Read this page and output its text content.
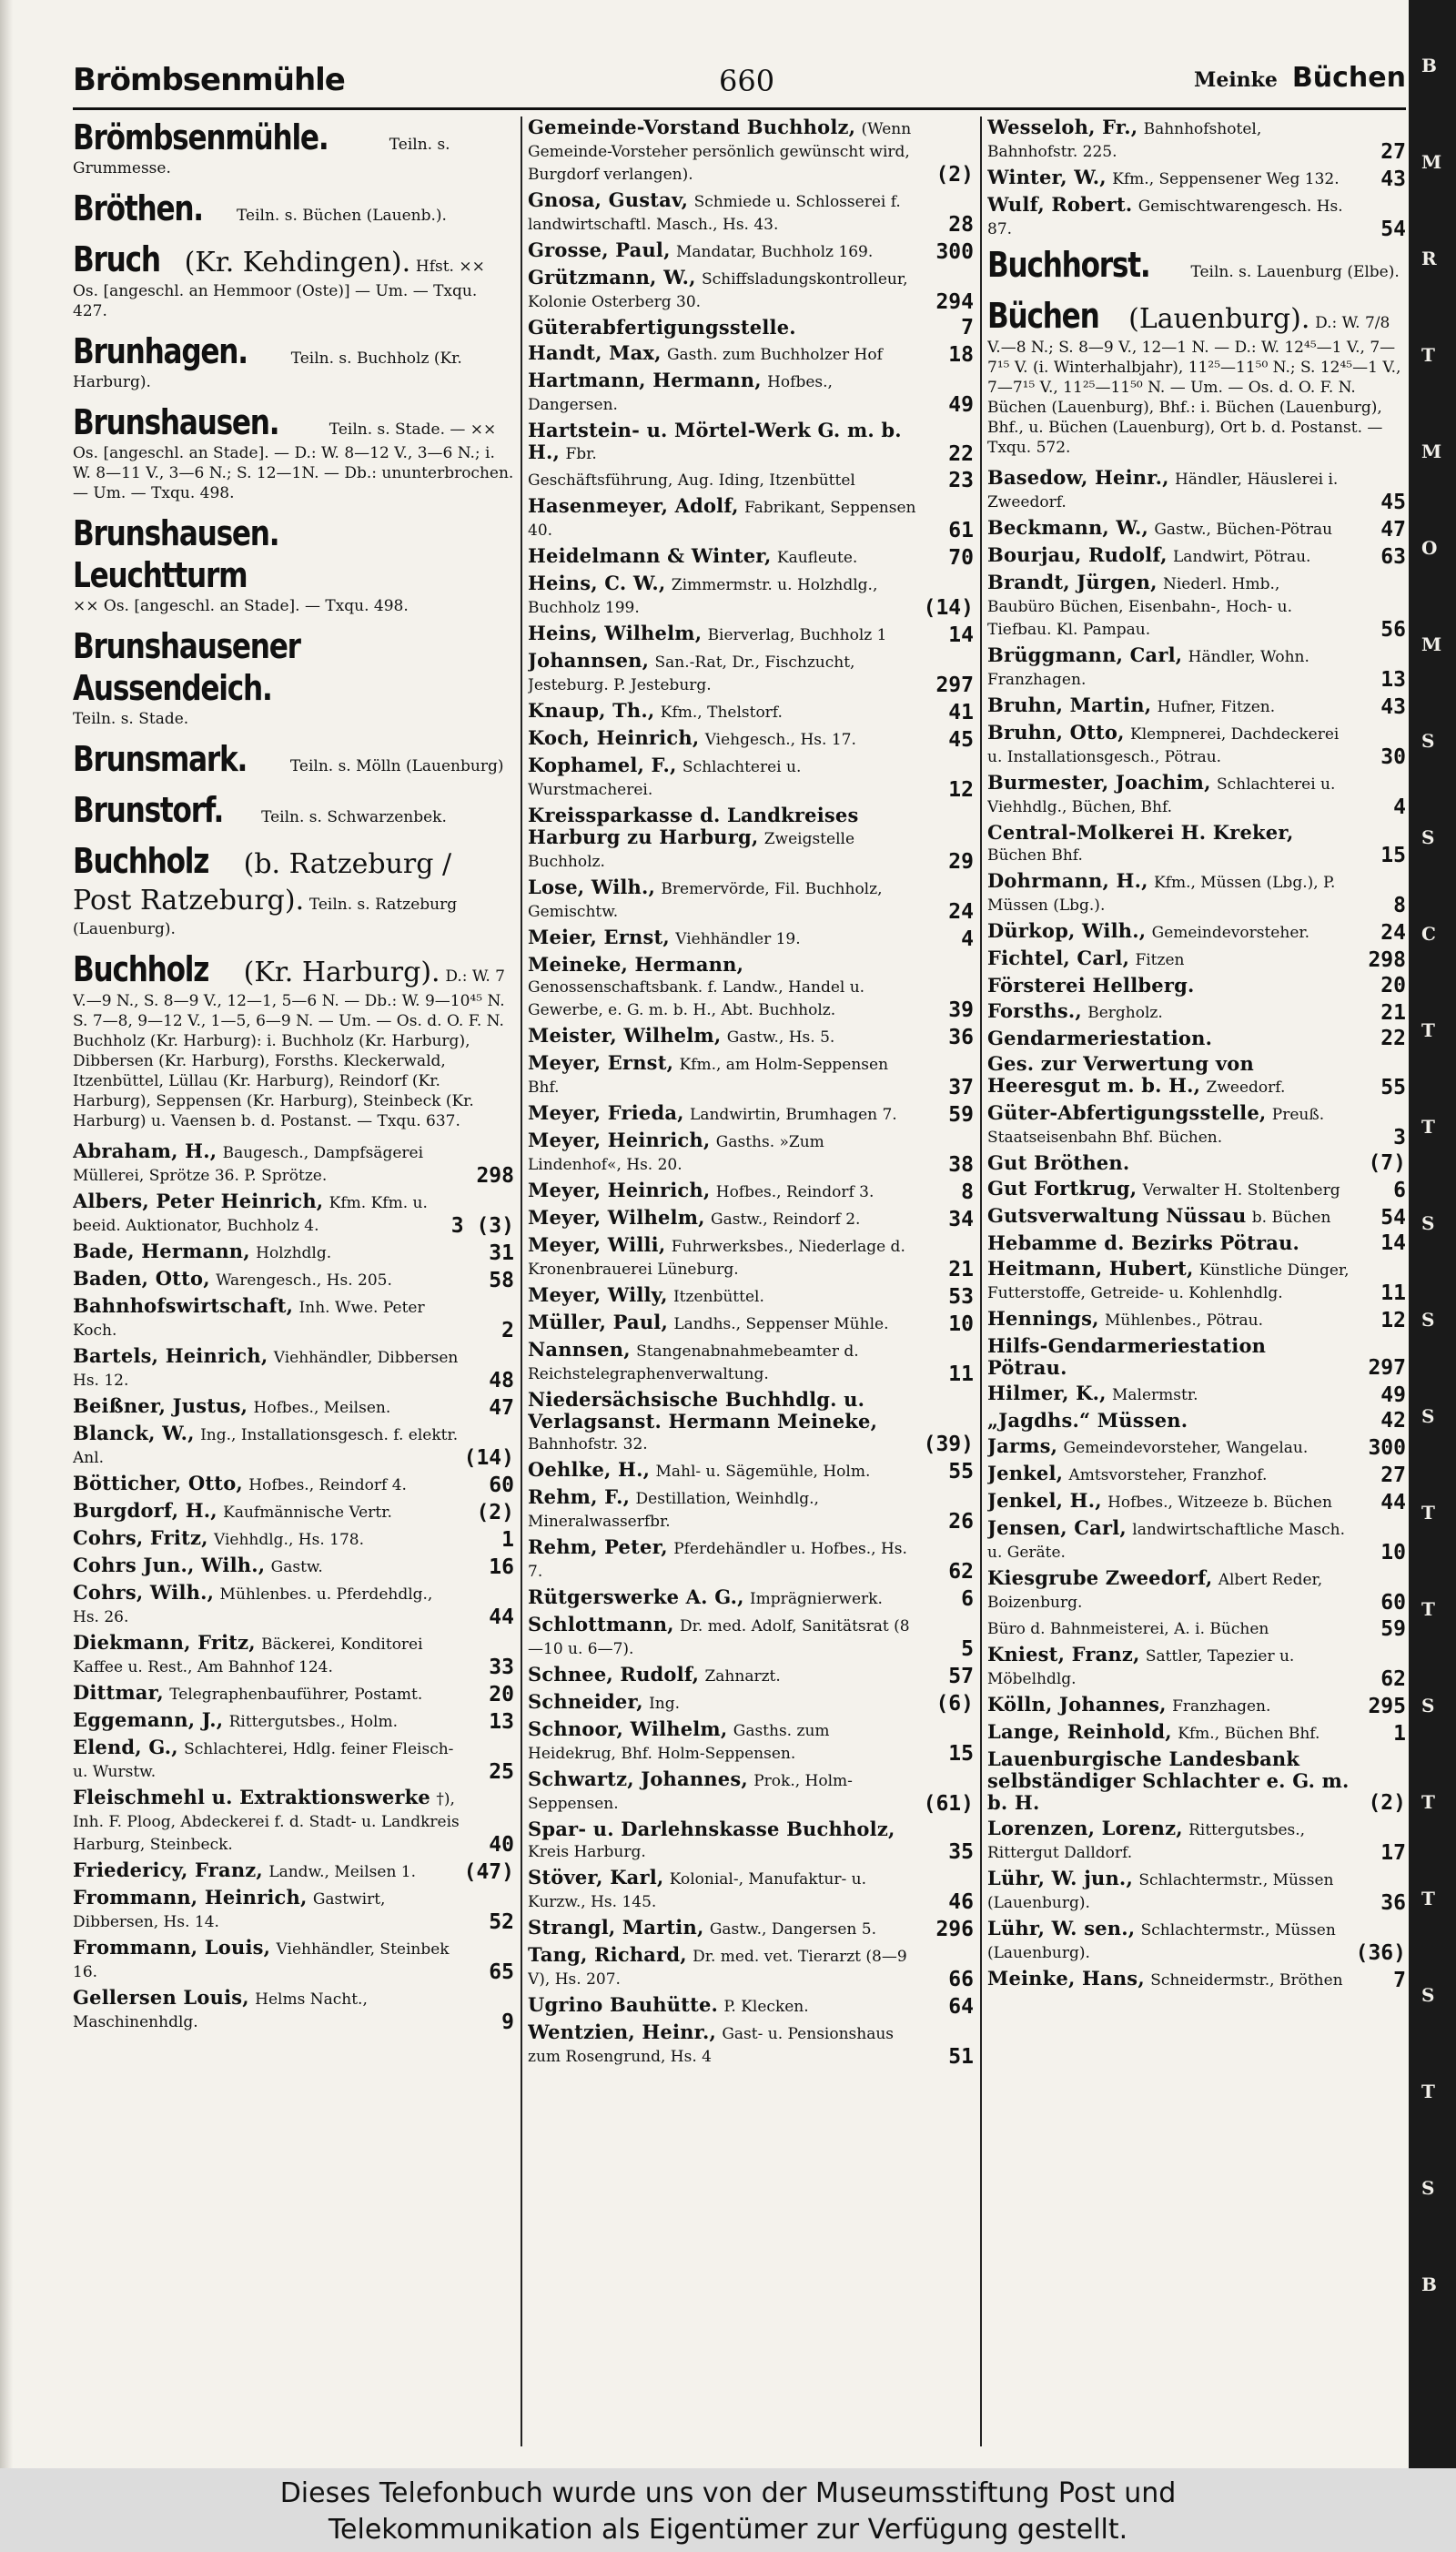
Brömbsenmühle	660	Meinke Büchen
Brömbsenmühle.	Teiln. s. Grummesse.
Bröthen. Teiln. s. Büchen (Lauenb.).
Bruch (Kr. Kehdingen). Hfst. ×× Os. [angeschl. an Hemmoor (Oste)] — Um. — Txqu. 427.
Brunhagen.	Teiln. s. Buchholz (Kr. Harburg).
Brunshausen.	Teiln. s. Stade. — ×× Os. [angeschl. an Stade]. — D.: W. 8—12 V., 3—6 N.; i. W. 8—11 V., 3—6 N.; S. 12—1N. — Db.: ununterbrochen. — Um. — Txqu. 498.
Brunshausen. Leuchtturm ×× Os. [angeschl. an Stade]. — Txqu. 498.
Brunshausener Aussendeich. Teiln. s. Stade.
Brunsmark.	Teiln. s. Mölln (Lauenburg)
Brunstorf. Teiln. s. Schwarzenbek.
Buchholz (b. Ratzeburg / Post Ratzeburg). Teiln. s. Ratzeburg (Lauenburg).
Buchholz (Kr. Harburg). D.: W. 7 V.—9 N., S. 8—9 V., 12—1, 5—6 N. — Db.: W. 9—10⁴⁵ N. S. 7—8, 9—12 V., 1—5, 6—9 N. — Um. — Os. d. O. F. N. Buchholz (Kr. Harburg): i. Buchholz (Kr. Harburg), Dibbersen (Kr. Harburg), Forsths. Kleckerwald, Itzenbüttel, Lüllau (Kr. Harburg), Reindorf (Kr. Harburg), Seppensen (Kr. Harburg), Steinbeck (Kr. Harburg) u. Vaensen b. d. Postanst. — Txqu. 637.
Abraham, H., Baugesch., Dampfsägerei Müllerei, Sprötze 36. P. Sprötze.	298
Albers, Peter Heinrich, Kfm. Kfm. u. beeid. Auktionator, Buchholz 4.	3 (3)
Bade, Hermann, Holzhdlg.	31
Baden, Otto, Warengesch., Hs. 205.	58
Bahnhofswirtschaft, Inh. Wwe. Peter Koch.	2
Bartels, Heinrich, Viehhändler, Dibbersen Hs. 12.	48
Beißner, Justus, Hofbes., Meilsen.	47
Blanck, W., Ing., Installationsgesch. f. elektr. Anl.	(14)
Bötticher, Otto, Hofbes., Reindorf 4.	60
Burgdorf, H., Kaufmännische Vertr.	(2)
Cohrs, Fritz, Viehhdlg., Hs. 178.	1
Cohrs Jun., Wilh., Gastw.	16
Cohrs, Wilh., Mühlenbes. u. Pferdehdlg., Hs. 26.	44
Diekmann, Fritz, Bäckerei, Konditorei Kaffee u. Rest., Am Bahnhof 124.	33
Dittmar, Telegraphenbauführer, Postamt.	20
Eggemann, J., Rittergutsbes., Holm.	13
Elend, G., Schlachterei, Hdlg. feiner Fleisch- u. Wurstw.	25
Fleischmehl u. Extraktionswerke †), Inh. F. Ploog, Abdeckerei f. d. Stadt- u. Landkreis Harburg, Steinbeck.	40
Friedericy, Franz, Landw., Meilsen 1. (47)
Frommann, Heinrich, Gastwirt, Dibbersen, Hs. 14.	52
Frommann, Louis, Viehhändler, Steinbek 16.	65
Gellersen Louis, Helms Nacht., Maschinenhdlg.	9
Gemeinde-Vorstand Buchholz, (Wenn Gemeinde-Vorsteher persönlich gewünscht wird, Burgdorf verlangen).	(2)
Gnosa, Gustav, Schmiede u. Schlosserei f. landwirtschaftl. Masch., Hs. 43.	28
Grosse, Paul, Mandatar, Buchholz 169.	300
Grützmann, W., Schiffsladungskontrolleur, Kolonie Osterberg 30.	294
Güterabfertigungsstelle.	7
Handt, Max, Gasth. zum Buchholzer Hof	18
Hartmann, Hermann, Hofbes., Dangersen.	49
Hartstein- u. Mörtel-Werk G. m. b. H., Fbr.	22
Geschäftsführung, Aug. Iding, Itzenbüttel	23
Hasenmeyer, Adolf, Fabrikant, Seppensen 40.	61
Heidelmann & Winter, Kaufleute.	70
Heins, C. W., Zimmermstr. u. Holzhdlg., Buchholz 199.	(14)
Heins, Wilhelm, Bierverlag, Buchholz 1	14
Johannsen, San.-Rat, Dr., Fischzucht, Jesteburg. P. Jesteburg.	297
Knaup, Th., Kfm., Thelstorf.	41
Koch, Heinrich, Viehgesch., Hs. 17.	45
Kophamel, F., Schlachterei u. Wurstmacherei.	12
Kreissparkasse d. Landkreises Harburg zu Harburg, Zweigstelle Buchholz.	29
Lose, Wilh., Bremervörde, Fil. Buchholz, Gemischtw.	24
Meier, Ernst, Viehhändler 19.	4
Meineke, Hermann, Genossenschaftsbank. f. Landw., Handel u. Gewerbe, e. G. m. b. H., Abt. Buchholz.	39
Meister, Wilhelm, Gastw., Hs. 5.	36
Meyer, Ernst, Kfm., am Holm-Seppensen Bhf.	37
Meyer, Frieda, Landwirtin, Brumhagen 7. 59
Meyer, Heinrich, Gasths. »Zum Lindenhof«, Hs. 20.	38
Meyer, Heinrich, Hofbes., Reindorf 3.	8
Meyer, Wilhelm, Gastw., Reindorf 2.	34
Meyer, Willi, Fuhrwerksbes., Niederlage d. Kronenbrauerei Lüneburg.	21
Meyer, Willy, Itzenbüttel.	53
Müller, Paul, Landhs., Seppenser Mühle.	10
Nannsen, Stangenabnahmebeamter d. Reichstelegraphenverwaltung.	11
Niedersächsische Buchhdlg. u. Verlagsanst. Hermann Meineke, Bahnhofstr. 32.	(39)
Oehlke, H., Mahl- u. Sägemühle, Holm.	55
Rehm, F., Destillation, Weinhdlg., Mineralwasserfbr.	26
Rehm, Peter, Pferdehändler u. Hofbes., Hs. 7.	62
Rütgerswerke A. G., Imprägnierwerk.	6
Schlottmann, Dr. med. Adolf, Sanitätsrat (8—10 u. 6—7).	5
Schnee, Rudolf, Zahnarzt.	57
Schneider, Ing.	(6)
Schnoor, Wilhelm, Gasths. zum Heidekrug, Bhf. Holm-Seppensen.	15
Schwartz, Johannes, Prok., Holm-Seppensen.	(61)
Spar- u. Darlehnskasse Buchholz, Kreis Harburg.	35
Stöver, Karl, Kolonial-, Manufaktur- u. Kurzw., Hs. 145.	46
Strangl, Martin, Gastw., Dangersen 5.	296
Tang, Richard, Dr. med. vet. Tierarzt (8—9 V), Hs. 207.	66
Ugrino Bauhütte. P. Klecken.	64
Wentzien, Heinr., Gast- u. Pensionshaus zum Rosengrund, Hs. 4	51
Wesseloh, Fr., Bahnhofshotel, Bahnhofstr. 225.	27
Winter, W., Kfm., Seppensener Weg 132. 43
Wulf, Robert. Gemischtwarengesch. Hs. 87.	54
Buchhorst.	Teiln. s. Lauenburg (Elbe).
Büchen (Lauenburg). D.: W. 7/8 V.—8 N.; S. 8—9 V., 12—1 N. — D.: W. 12⁴⁵—1 V., 7—7¹⁵ V. (i. Winterhalbjahr), 11²⁵—11⁵⁰ N.; S. 12⁴⁵—1 V., 7—7¹⁵ V., 11²⁵—11⁵⁰ N. — Um. — Os. d. O. F. N. Büchen (Lauenburg), Bhf.: i. Büchen (Lauenburg), Bhf., u. Büchen (Lauenburg), Ort b. d. Postanst. — Txqu. 572.
Basedow, Heinr., Händler, Häuslerei i. Zweedorf.	45
Beckmann, W., Gastw., Büchen-Pötrau 47
Bourjau, Rudolf, Landwirt, Pötrau.	63
Brandt, Jürgen, Niederl. Hmb., Baubüro Büchen, Eisenbahn-, Hoch- u. Tiefbau. Kl. Pampau.	56
Brüggmann, Carl, Händler, Wohn. Franzhagen.	13
Bruhn, Martin, Hufner, Fitzen.	43
Bruhn, Otto, Klempnerei, Dachdeckerei u. Installationsgesch., Pötrau.	30
Burmester, Joachim, Schlachterei u. Viehhdlg., Büchen, Bhf.	4
Central-Molkerei H. Kreker, Büchen Bhf.	15
Dohrmann, H., Kfm., Müssen (Lbg.), P. Müssen (Lbg.).	8
Dürkop, Wilh., Gemeindevorsteher.	24
Fichtel, Carl, Fitzen	298
Försterei Hellberg.	20
Forsths., Bergholz.	21
Gendarmeriestation.	22
Ges. zur Verwertung von Heeresgut m. b. H., Zweedorf.	55
Güter-Abfertigungsstelle, Preuß. Staatseisenbahn Bhf. Büchen.	3
Gut Bröthen.	(7)
Gut Fortkrug, Verwalter H. Stoltenberg	6
Gutsverwaltung Nüssau b. Büchen 54
Hebamme d. Bezirks Pötrau.	14
Heitmann, Hubert, Künstliche Dünger, Futterstoffe, Getreide- u. Kohlenhdlg.	11
Hennings, Mühlenbes., Pötrau.	12
Hilfs-Gendarmeriestation Pötrau.	297
Hilmer, K., Malermstr.	49
„Jagdhs.“ Müssen.	42
Jarms, Gemeindevorsteher, Wangelau.	300
Jenkel, Amtsvorsteher, Franzhof.	27
Jenkel, H., Hofbes., Witzeeze b. Büchen 44
Jensen, Carl, landwirtschaftliche Masch. u. Geräte.	10
Kiesgrube Zweedorf, Albert Reder, Boizenburg.	60
Büro d. Bahnmeisterei, A. i. Büchen	59
Kniest, Franz, Sattler, Tapezier u. Möbelhdlg.	62
Kölln, Johannes, Franzhagen.	295
Lange, Reinhold, Kfm., Büchen Bhf.	1
Lauenburgische Landesbank selbständiger Schlachter e. G. m. b. H.	(2)
Lorenzen, Lorenz, Rittergutsbes., Rittergut Dalldorf.	17
Lühr, W. jun., Schlachtermstr., Müssen (Lauenburg).	36
Lühr, W. sen., Schlachtermstr., Müssen (Lauenburg).	(36)
Meinke, Hans, Schneidermstr., Bröthen 7
B
M
R
T
M
O
M
S
S
C
T
T
S
S
S
T
T
S
T
T
S
T
S
B

Dieses Telefonbuch wurde uns von der Museumsstiftung Post und

Telekommunikation als Eigentümer zur Verfügung gestellt.
